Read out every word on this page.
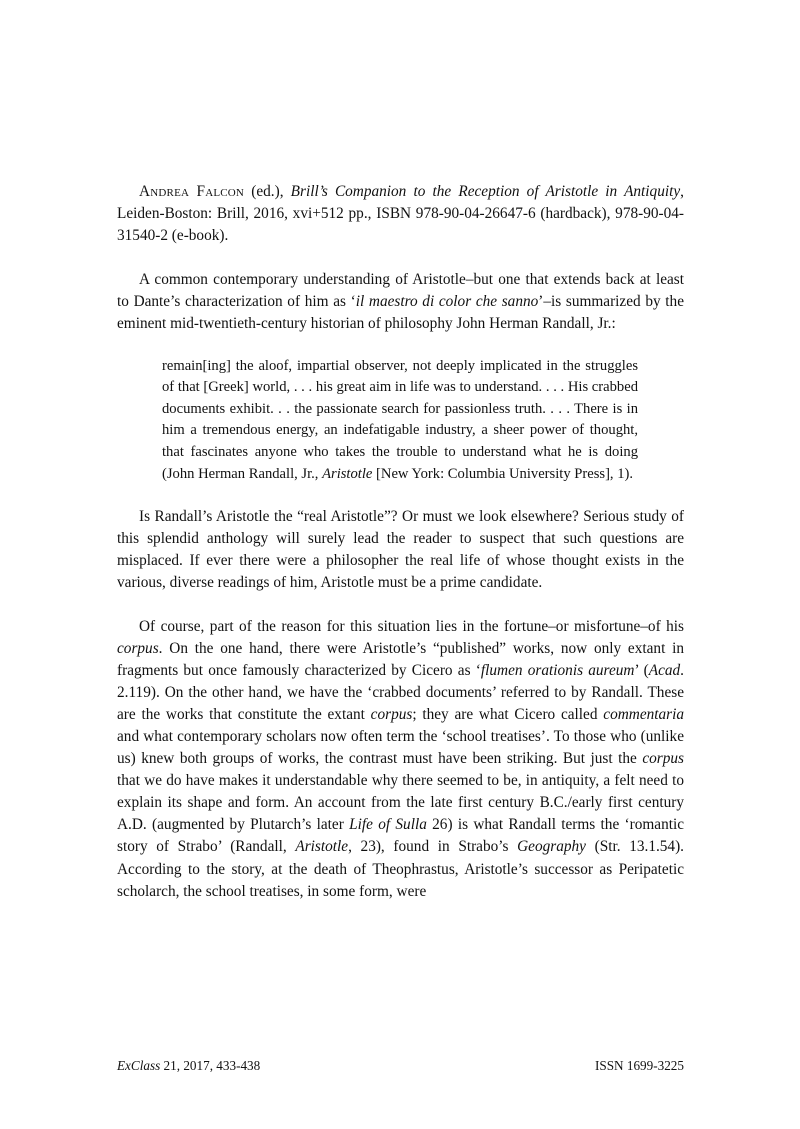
Andrea Falcon (ed.), Brill’s Companion to the Reception of Aristotle in Antiquity, Leiden-Boston: Brill, 2016, xvi+512 pp., ISBN 978-90-04-26647-6 (hardback), 978-90-04-31540-2 (e-book).

A common contemporary understanding of Aristotle–but one that extends back at least to Dante’s characterization of him as ‘il maestro di color che sanno’–is summarized by the eminent mid-twentieth-century historian of philosophy John Herman Randall, Jr.:

remain[ing] the aloof, impartial observer, not deeply implicated in the struggles of that [Greek] world, . . . his great aim in life was to understand. . . . His crabbed documents exhibit. . . the passionate search for passionless truth. . . . There is in him a tremendous energy, an indefatigable industry, a sheer power of thought, that fascinates anyone who takes the trouble to understand what he is doing (John Herman Randall, Jr., Aristotle [New York: Columbia University Press], 1).

Is Randall’s Aristotle the “real Aristotle”? Or must we look elsewhere? Serious study of this splendid anthology will surely lead the reader to suspect that such questions are misplaced. If ever there were a philosopher the real life of whose thought exists in the various, diverse readings of him, Aristotle must be a prime candidate.

Of course, part of the reason for this situation lies in the fortune–or misfortune–of his corpus. On the one hand, there were Aristotle’s “published” works, now only extant in fragments but once famously characterized by Cicero as ‘flumen orationis aureum’ (Acad. 2.119). On the other hand, we have the ‘crabbed documents’ referred to by Randall. These are the works that constitute the extant corpus; they are what Cicero called commentaria and what contemporary scholars now often term the ‘school treatises’. To those who (unlike us) knew both groups of works, the contrast must have been striking. But just the corpus that we do have makes it understandable why there seemed to be, in antiquity, a felt need to explain its shape and form. An account from the late first century B.C./early first century A.D. (augmented by Plutarch’s later Life of Sulla 26) is what Randall terms the ‘romantic story of Strabo’ (Randall, Aristotle, 23), found in Strabo’s Geography (Str. 13.1.54). According to the story, at the death of Theophrastus, Aristotle’s successor as Peripatetic scholarch, the school treatises, in some form, were

ExClass 21, 2017, 433-438	ISSN 1699-3225
